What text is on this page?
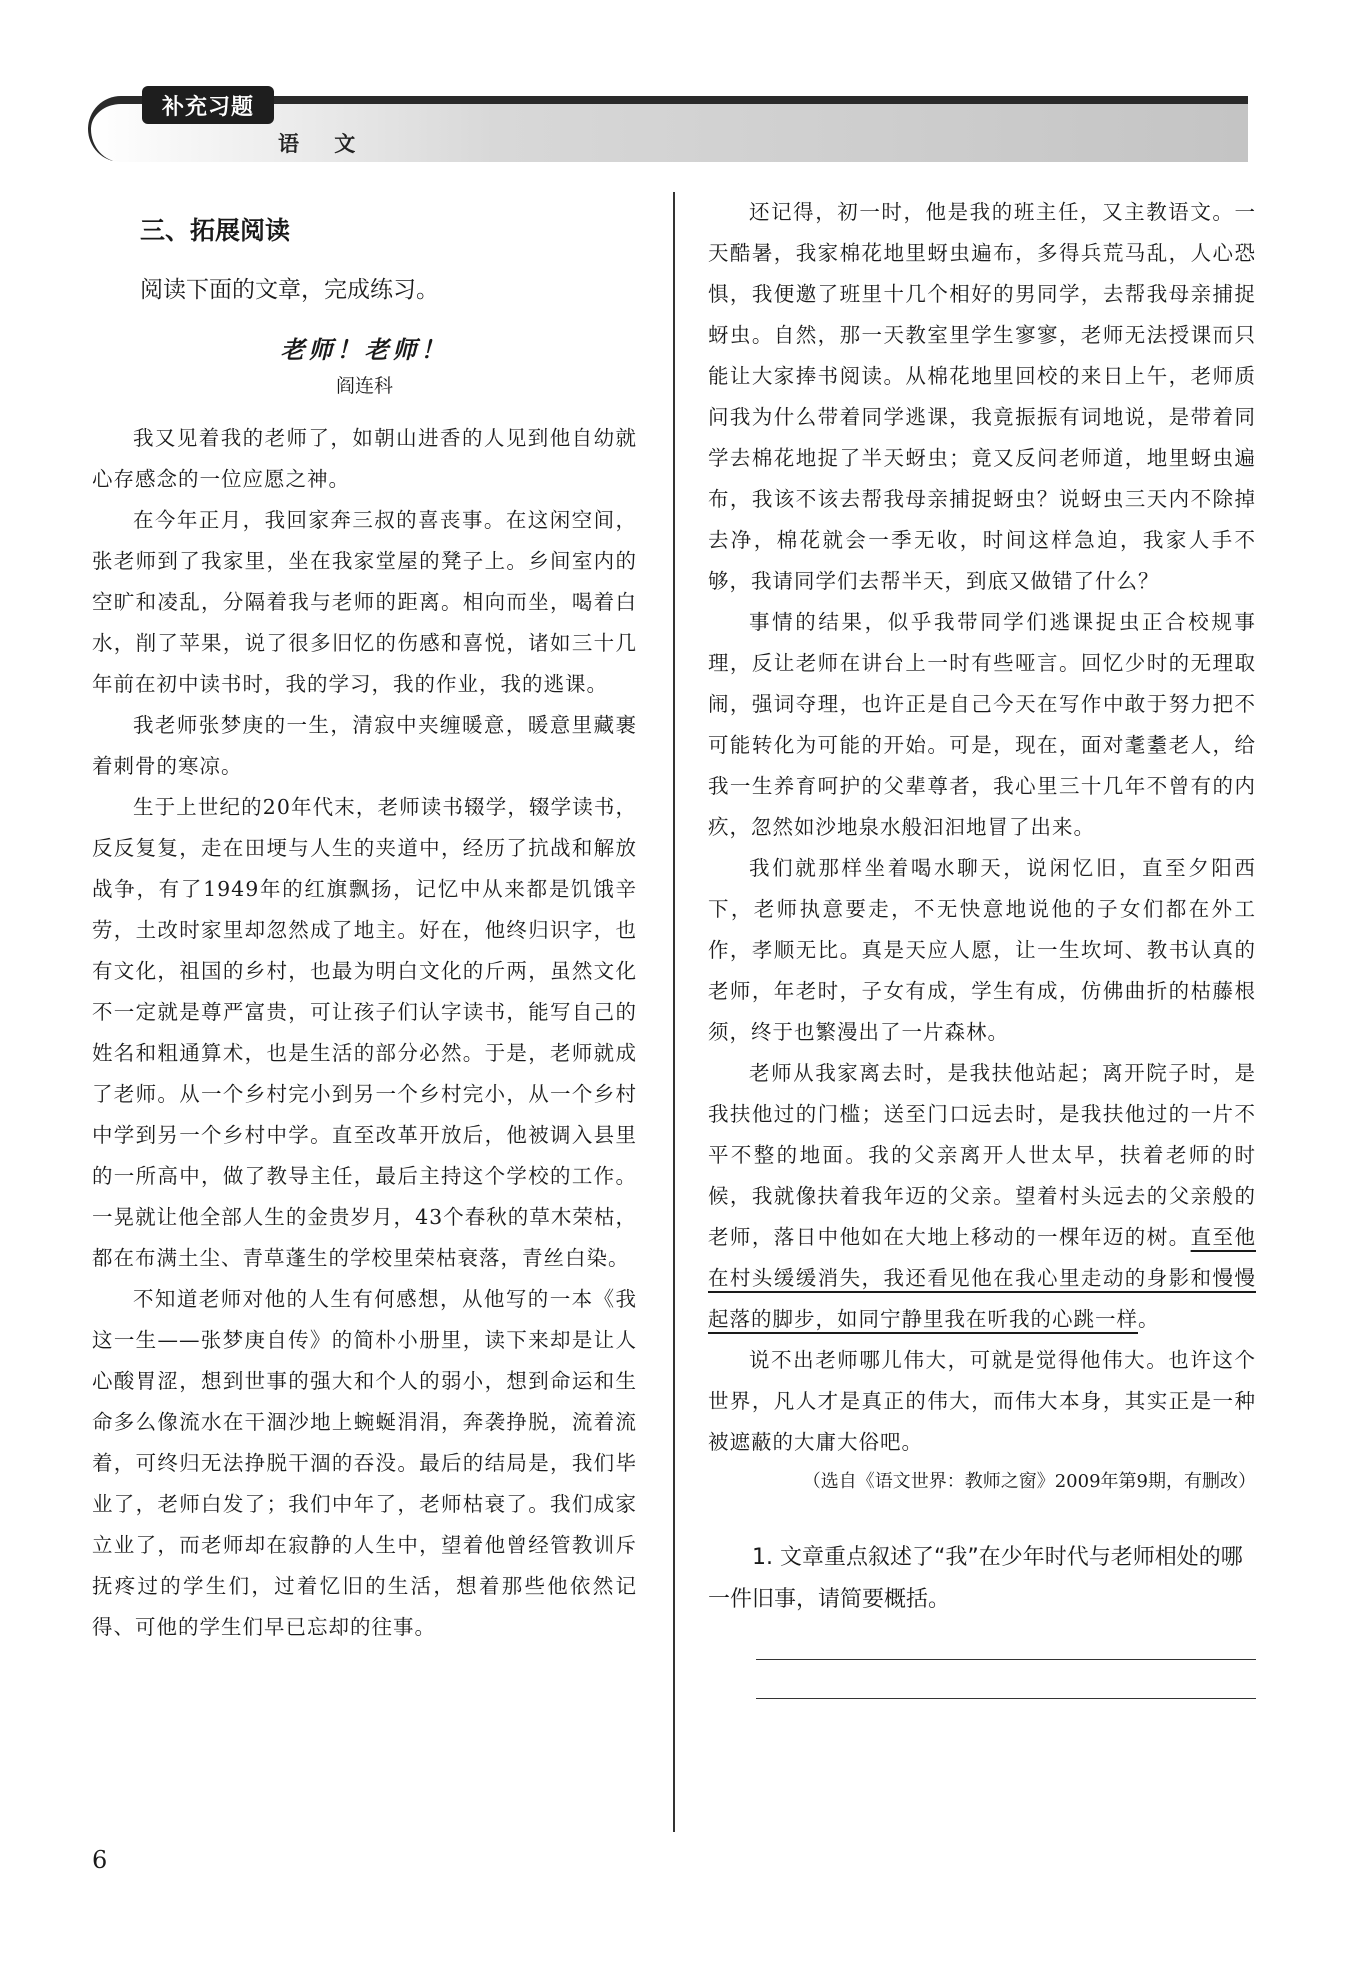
补充习题
语 文
三、拓展阅读
阅读下面的文章，完成练习。
老师！老师！
阎连科

我又见着我的老师了，如朝山进香的人见到他自幼就心存感念的一位应愿之神。

在今年正月，我回家奔三叔的喜丧事。在这闲空间，张老师到了我家里，坐在我家堂屋的凳子上。乡间室内的空旷和凌乱，分隔着我与老师的距离。相向而坐，喝着白水，削了苹果，说了很多旧忆的伤感和喜悦，诸如三十几年前在初中读书时，我的学习，我的作业，我的逃课。

我老师张梦庚的一生，清寂中夹缠暖意，暖意里藏裹着刺骨的寒凉。

生于上世纪的20年代末，老师读书辍学，辍学读书，反反复复，走在田埂与人生的夹道中，经历了抗战和解放战争，有了1949年的红旗飘扬，记忆中从来都是饥饿辛劳，土改时家里却忽然成了地主。好在，他终归识字，也有文化，祖国的乡村，也最为明白文化的斤两，虽然文化不一定就是尊严富贵，可让孩子们认字读书，能写自己的姓名和粗通算术，也是生活的部分必然。于是，老师就成了老师。从一个乡村完小到另一个乡村完小，从一个乡村中学到另一个乡村中学。直至改革开放后，他被调入县里的一所高中，做了教导主任，最后主持这个学校的工作。一晃就让他全部人生的金贵岁月，43个春秋的草木荣枯，都在布满土尘、青草蓬生的学校里荣枯衰落，青丝白染。

不知道老师对他的人生有何感想，从他写的一本《我这一生——张梦庚自传》的简朴小册里，读下来却是让人心酸胃涩，想到世事的强大和个人的弱小，想到命运和生命多么像流水在干涸沙地上蜿蜒涓涓，奔袭挣脱，流着流着，可终归无法挣脱干涸的吞没。最后的结局是，我们毕业了，老师白发了；我们中年了，老师枯衰了。我们成家立业了，而老师却在寂静的人生中，望着他曾经管教训斥抚疼过的学生们，过着忆旧的生活，想着那些他依然记得、可他的学生们早已忘却的往事。

还记得，初一时，他是我的班主任，又主教语文。一天酷暑，我家棉花地里蚜虫遍布，多得兵荒马乱，人心恐惧，我便邀了班里十几个相好的男同学，去帮我母亲捕捉蚜虫。自然，那一天教室里学生寥寥，老师无法授课而只能让大家捧书阅读。从棉花地里回校的来日上午，老师质问我为什么带着同学逃课，我竟振振有词地说，是带着同学去棉花地捉了半天蚜虫；竟又反问老师道，地里蚜虫遍布，我该不该去帮我母亲捕捉蚜虫？说蚜虫三天内不除掉去净，棉花就会一季无收，时间这样急迫，我家人手不够，我请同学们去帮半天，到底又做错了什么？

事情的结果，似乎我带同学们逃课捉虫正合校规事理，反让老师在讲台上一时有些哑言。回忆少时的无理取闹，强词夺理，也许正是自己今天在写作中敢于努力把不可能转化为可能的开始。可是，现在，面对耄耋老人，给我一生养育呵护的父辈尊者，我心里三十几年不曾有的内疚，忽然如沙地泉水般汩汩地冒了出来。

我们就那样坐着喝水聊天，说闲忆旧，直至夕阳西下，老师执意要走，不无快意地说他的子女们都在外工作，孝顺无比。真是天应人愿，让一生坎坷、教书认真的老师，年老时，子女有成，学生有成，仿佛曲折的枯藤根须，终于也繁漫出了一片森林。

老师从我家离去时，是我扶他站起；离开院子时，是我扶他过的门槛；送至门口远去时，是我扶他过的一片不平不整的地面。我的父亲离开人世太早，扶着老师的时候，我就像扶着我年迈的父亲。望着村头远去的父亲般的老师，落日中他如在大地上移动的一棵年迈的树。直至他在村头缓缓消失，我还看见他在我心里走动的身影和慢慢起落的脚步，如同宁静里我在听我的心跳一样。

说不出老师哪儿伟大，可就是觉得他伟大。也许这个世界，凡人才是真正的伟大，而伟大本身，其实正是一种被遮蔽的大庸大俗吧。

（选自《语文世界：教师之窗》2009年第9期，有删改）
1. 文章重点叙述了“我”在少年时代与老师相处的哪一件旧事，请简要概括。
6
